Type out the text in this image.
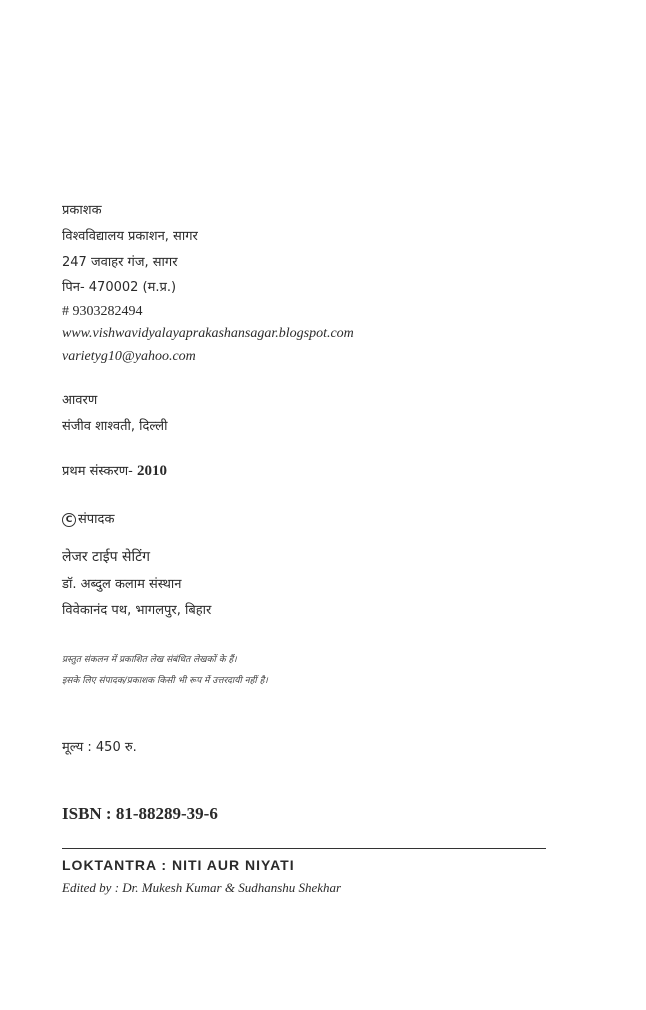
प्रकाशक
विश्वविद्यालय प्रकाशन, सागर
247 जवाहर गंज, सागर
पिन- 470002 (म.प्र.)
# 9303282494
www.vishwavidyalayaprakashansagar.blogspot.com
varietyg10@yahoo.com
आवरण
संजीव शाश्वती, दिल्ली
प्रथम संस्करण- 2010
C संपादक
लेजर टाईप सेटिंग
डॉ. अब्दुल कलाम संस्थान
विवेकानंद पथ, भागलपुर, बिहार
प्रस्तुत संकलन में प्रकाशित लेख संबंधित लेखकों के हैं।
इसके लिए संपादक/प्रकाशक किसी भी रूप में उत्तरदायी नहीं है।
मूल्य : 450 रु.
ISBN : 81-88289-39-6
LOKTANTRA : NITI AUR NIYATI
Edited by : Dr. Mukesh Kumar & Sudhanshu Shekhar
